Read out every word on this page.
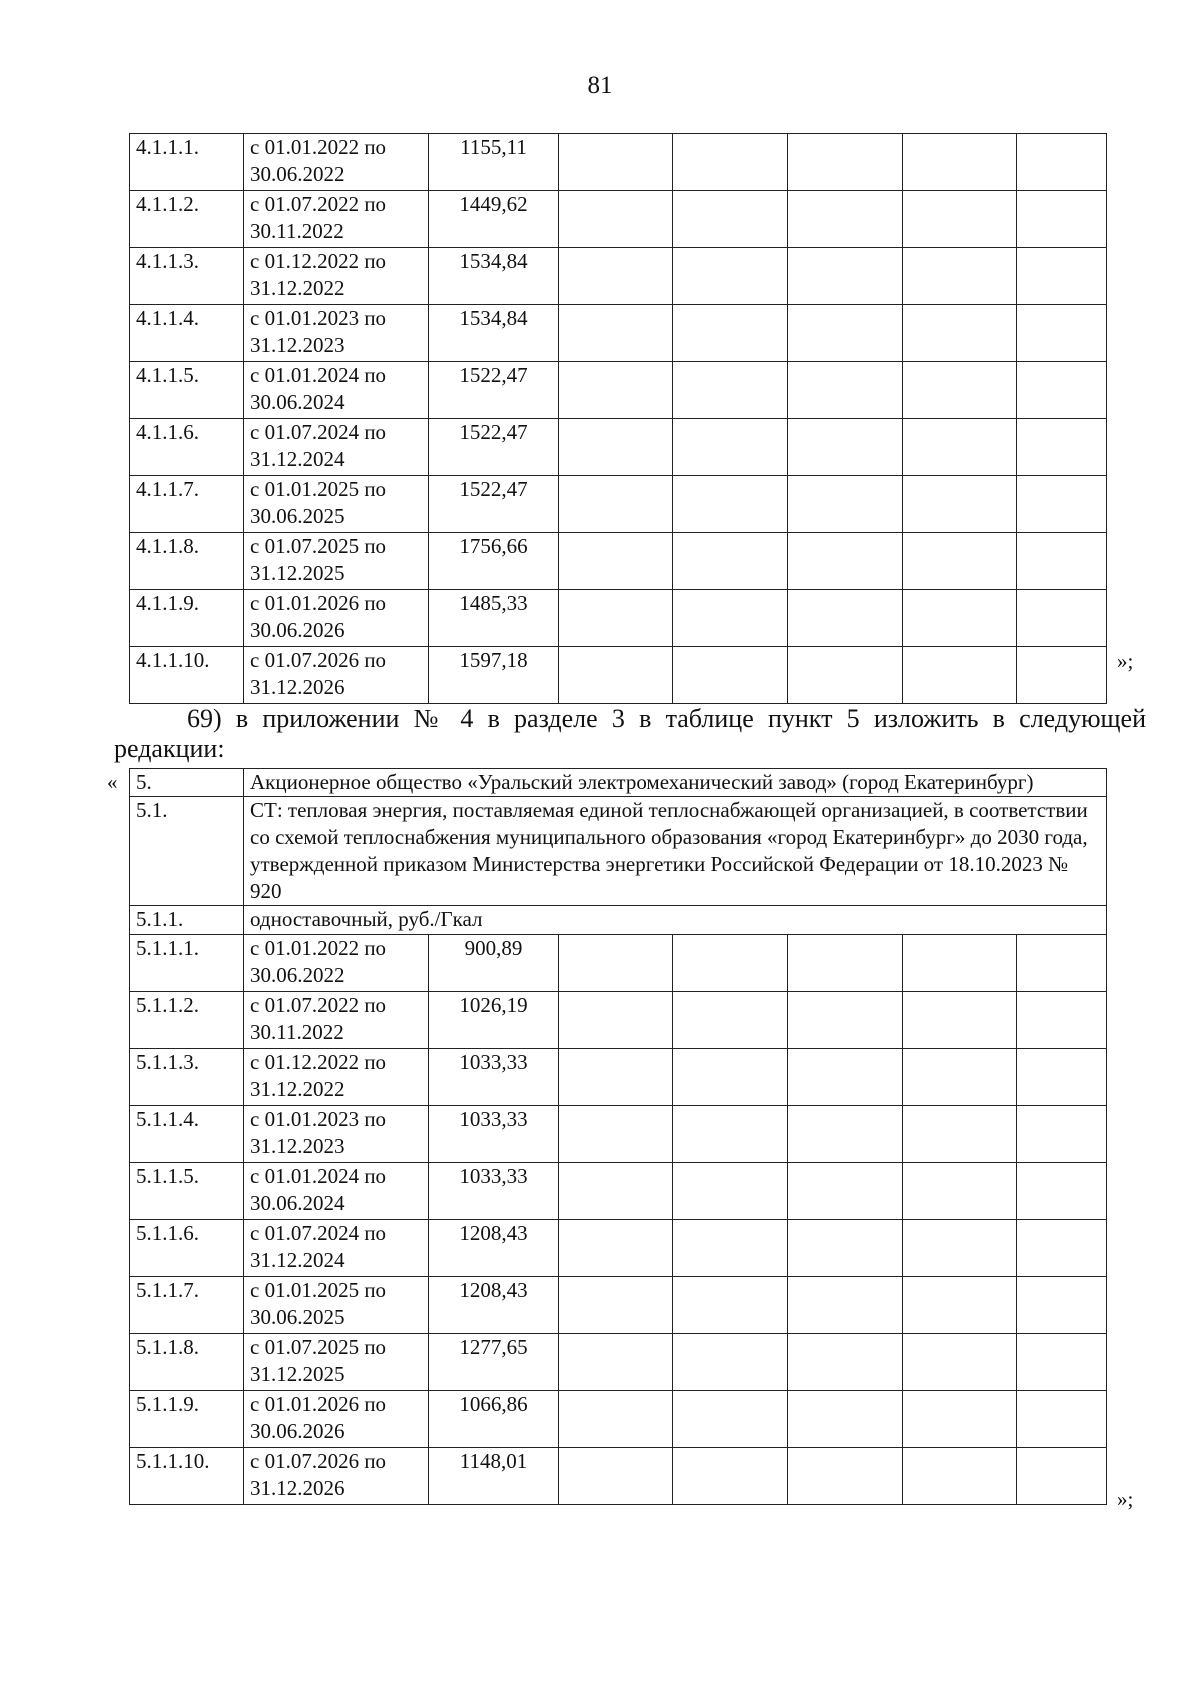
81
4.1.1.1.	с 01.01.2022 по 30.06.2022	1155,11					
4.1.1.2.	с 01.07.2022 по 30.11.2022	1449,62					
4.1.1.3.	с 01.12.2022 по 31.12.2022	1534,84					
4.1.1.4.	с 01.01.2023 по 31.12.2023	1534,84					
4.1.1.5.	с 01.01.2024 по 30.06.2024	1522,47					
4.1.1.6.	с 01.07.2024 по 31.12.2024	1522,47					
4.1.1.7.	с 01.01.2025 по 30.06.2025	1522,47					
4.1.1.8.	с 01.07.2025 по 31.12.2025	1756,66					
4.1.1.9.	с 01.01.2026 по 30.06.2026	1485,33					
4.1.1.10.	с 01.07.2026 по 31.12.2026	1597,18						»;
69) в приложении № 4 в разделе 3 в таблице пункт 5 изложить в следующей редакции:
« 5.	Акционерное общество «Уральский электромеханический завод» (город Екатеринбург)						
5.1.	СТ: тепловая энергия, поставляемая единой теплоснабжающей организацией, в соответствии со схемой теплоснабжения муниципального образования «город Екатеринбург» до 2030 года, утвержденной приказом Министерства энергетики Российской Федерации от 18.10.2023 № 920						
5.1.1.	одноставочный, руб./Гкал						
5.1.1.1.	с 01.01.2022 по 30.06.2022	900,89					
5.1.1.2.	с 01.07.2022 по 30.11.2022	1026,19					
5.1.1.3.	с 01.12.2022 по 31.12.2022	1033,33					
5.1.1.4.	с 01.01.2023 по 31.12.2023	1033,33					
5.1.1.5.	с 01.01.2024 по 30.06.2024	1033,33					
5.1.1.6.	с 01.07.2024 по 31.12.2024	1208,43					
5.1.1.7.	с 01.01.2025 по 30.06.2025	1208,43					
5.1.1.8.	с 01.07.2025 по 31.12.2025	1277,65					
5.1.1.9.	с 01.01.2026 по 30.06.2026	1066,86					
5.1.1.10.	с 01.07.2026 по 31.12.2026	1148,01					
»;
